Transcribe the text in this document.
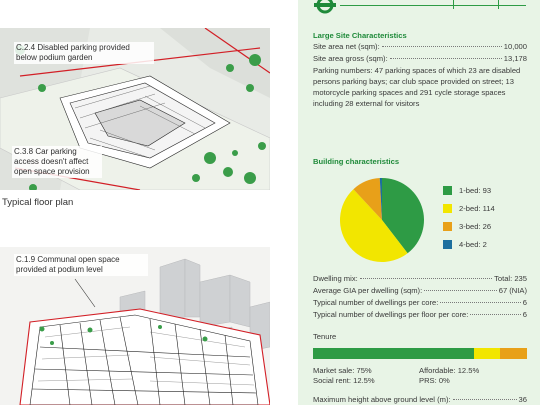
C.2.4 Disabled parking provided below podium garden
C.3.8 Car parking access doesn't affect open space provision
Typical floor plan
C.1.9 Communal open space provided at podium level
Large Site Characteristics
Site area net (sqm):	10,000
Site area gross (sqm):	13,178
Parking numbers: 47 parking spaces of which 23 are disabled persons parking bays; car club space provided on street; 13 motorcycle parking spaces and 291 cycle storage spaces including 28 external for visitors
Building characteristics
1-bed: 93
2-bed: 114
3-bed: 26
4-bed: 2
Dwelling mix:	Total: 235
Average GIA per dwelling (sqm):	67 (NIA)
Typical number of dwellings per core:	6
Typical number of dwellings per floor per core:	6
Tenure
Market sale: 75%	Affordable: 12.5%
Social rent: 12.5%	PRS: 0%
Maximum height above ground level (m):	36
